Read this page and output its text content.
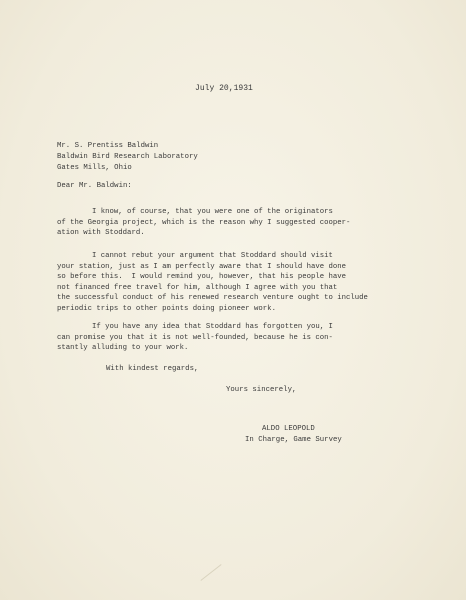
July 20,1931
Mr. S. Prentiss Baldwin
Baldwin Bird Research Laboratory
Gates Mills, Ohio
Dear Mr. Baldwin:
I know, of course, that you were one of the originators
of the Georgia project, which is the reason why I suggested cooper-
ation with Stoddard.
I cannot rebut your argument that Stoddard should visit
your station, just as I am perfectly aware that I should have done
so before this.  I would remind you, however, that his people have
not financed free travel for him, although I agree with you that
the successful conduct of his renewed research venture ought to include
periodic trips to other points doing pioneer work.
If you have any idea that Stoddard has forgotten you, I
can promise you that it is not well-founded, because he is con-
stantly alluding to your work.
With kindest regards,
Yours sincerely,
ALDO LEOPOLD
In Charge, Game Survey
